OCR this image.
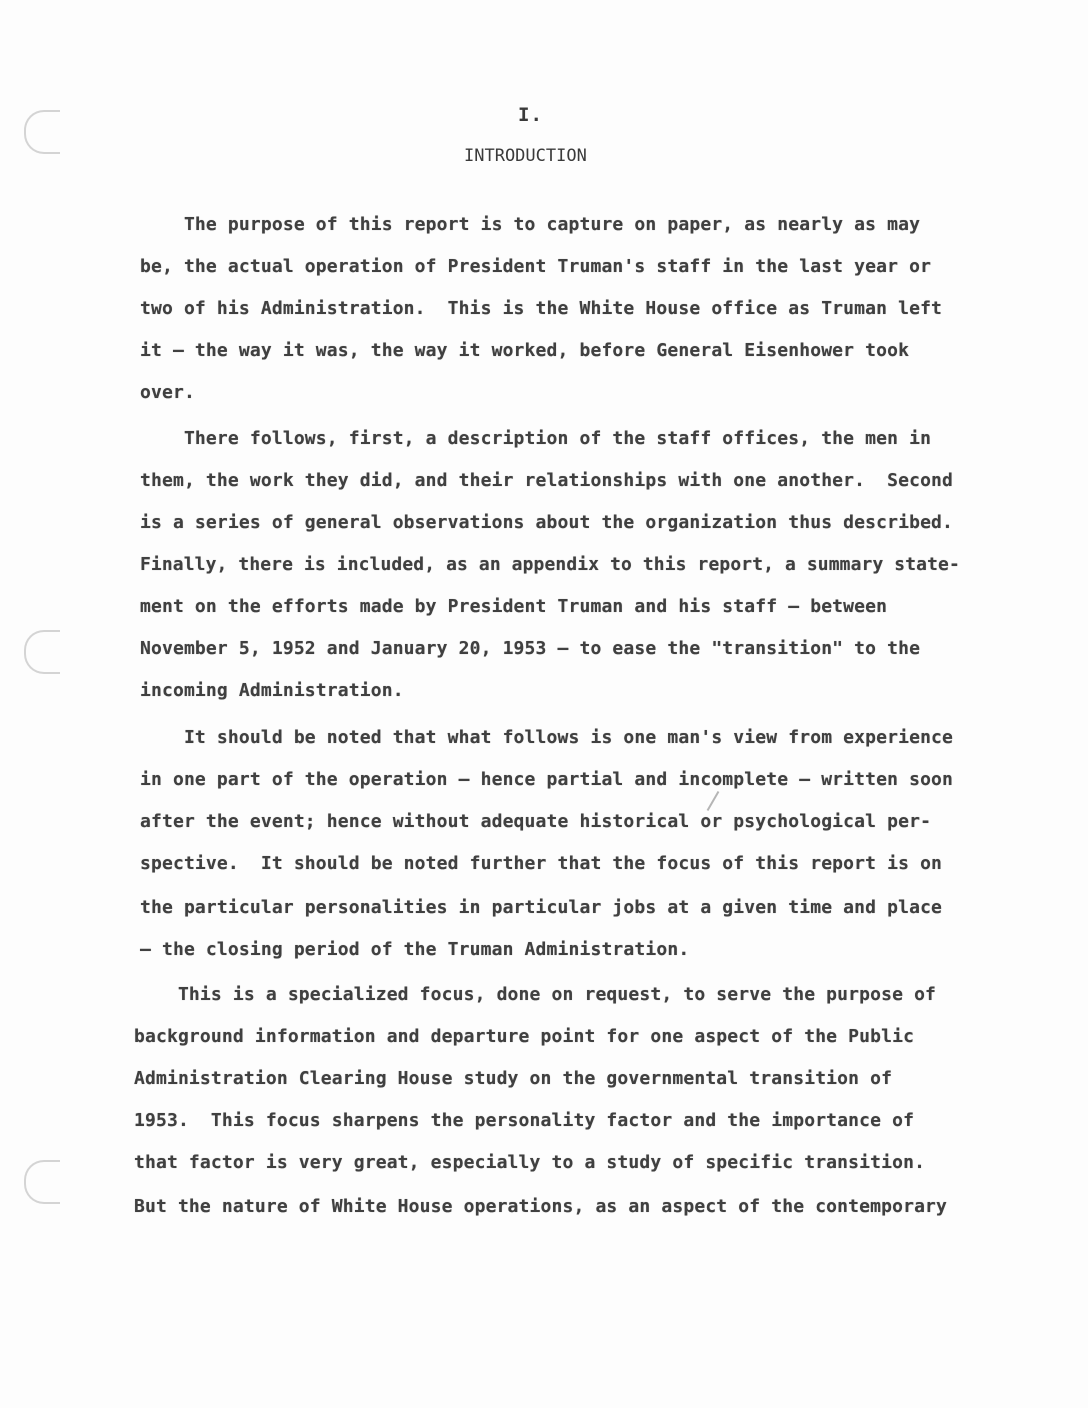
I.
INTRODUCTION
The purpose of this report is to capture on paper, as nearly as may
be, the actual operation of President Truman's staff in the last year or
two of his Administration.  This is the White House office as Truman left
it — the way it was, the way it worked, before General Eisenhower took
over.
There follows, first, a description of the staff offices, the men in
them, the work they did, and their relationships with one another.  Second
is a series of general observations about the organization thus described.
Finally, there is included, as an appendix to this report, a summary state-
ment on the efforts made by President Truman and his staff — between
November 5, 1952 and January 20, 1953 — to ease the "transition" to the
incoming Administration.
It should be noted that what follows is one man's view from experience
in one part of the operation — hence partial and incomplete — written soon
after the event; hence without adequate historical or psychological per-
spective.  It should be noted further that the focus of this report is on
the particular personalities in particular jobs at a given time and place
— the closing period of the Truman Administration.
This is a specialized focus, done on request, to serve the purpose of
background information and departure point for one aspect of the Public
Administration Clearing House study on the governmental transition of
1953.  This focus sharpens the personality factor and the importance of
that factor is very great, especially to a study of specific transition.
But the nature of White House operations, as an aspect of the contemporary
